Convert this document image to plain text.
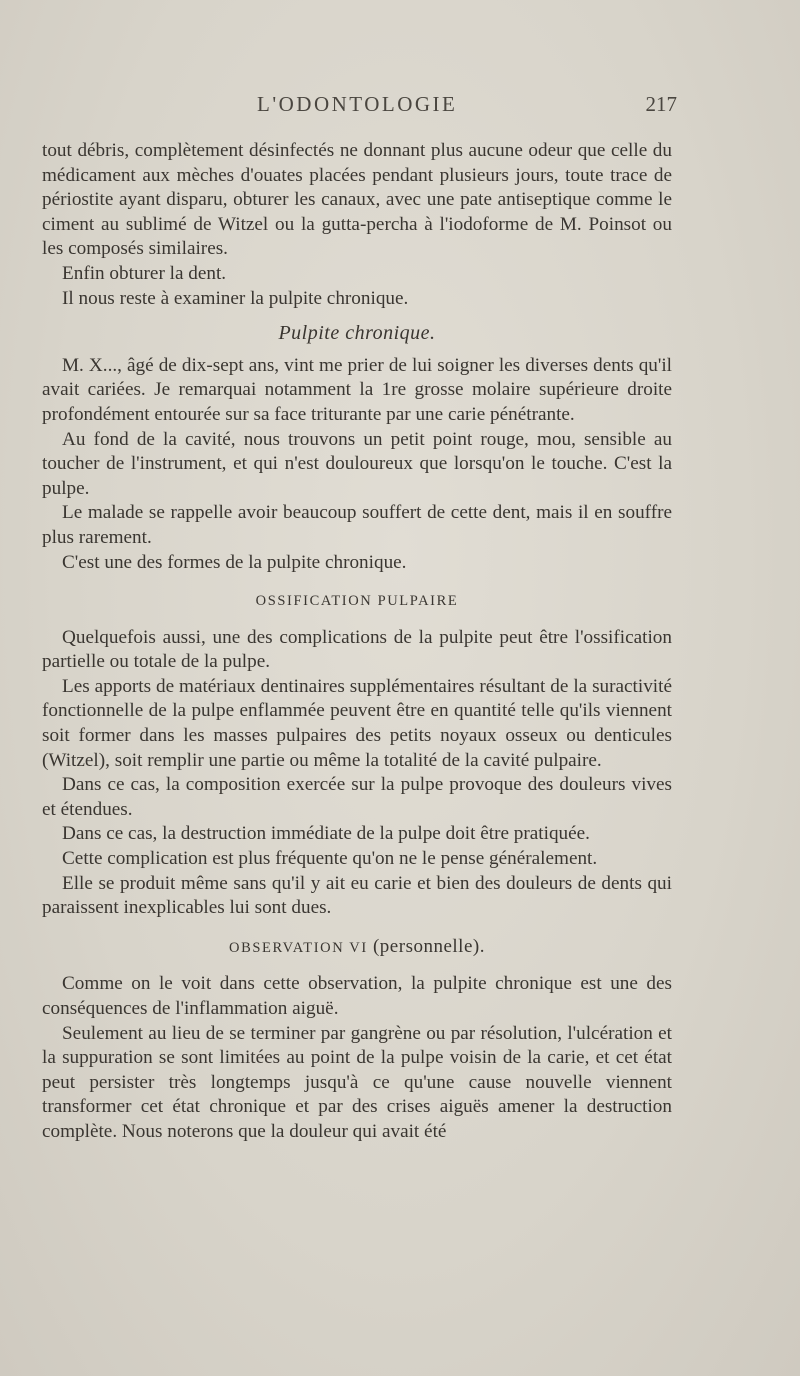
L'ODONTOLOGIE	217

tout débris, complètement désinfectés ne donnant plus aucune odeur que celle du médicament aux mèches d'ouates placées pendant plusieurs jours, toute trace de périostite ayant disparu, obturer les canaux, avec une pate antiseptique comme le ciment au sublimé de Witzel ou la gutta-percha à l'iodoforme de M. Poinsot ou les composés similaires.

Enfin obturer la dent.

Il nous reste à examiner la pulpite chronique.

Pulpite chronique.

M. X..., âgé de dix-sept ans, vint me prier de lui soigner les diverses dents qu'il avait cariées. Je remarquai notamment la 1re grosse molaire supérieure droite profondément entourée sur sa face triturante par une carie pénétrante.

Au fond de la cavité, nous trouvons un petit point rouge, mou, sensible au toucher de l'instrument, et qui n'est douloureux que lorsqu'on le touche. C'est la pulpe.

Le malade se rappelle avoir beaucoup souffert de cette dent, mais il en souffre plus rarement.

C'est une des formes de la pulpite chronique.

OSSIFICATION PULPAIRE

Quelquefois aussi, une des complications de la pulpite peut être l'ossification partielle ou totale de la pulpe.

Les apports de matériaux dentinaires supplémentaires résultant de la suractivité fonctionnelle de la pulpe enflammée peuvent être en quantité telle qu'ils viennent soit former dans les masses pulpaires des petits noyaux osseux ou denticules (Witzel), soit remplir une partie ou même la totalité de la cavité pulpaire.

Dans ce cas, la composition exercée sur la pulpe provoque des douleurs vives et étendues.

Dans ce cas, la destruction immédiate de la pulpe doit être pratiquée.

Cette complication est plus fréquente qu'on ne le pense généralement.

Elle se produit même sans qu'il y ait eu carie et bien des douleurs de dents qui paraissent inexplicables lui sont dues.

OBSERVATION VI (personnelle).

Comme on le voit dans cette observation, la pulpite chronique est une des conséquences de l'inflammation aiguë.

Seulement au lieu de se terminer par gangrène ou par résolution, l'ulcération et la suppuration se sont limitées au point de la pulpe voisin de la carie, et cet état peut persister très longtemps jusqu'à ce qu'une cause nouvelle viennent transformer cet état chronique et par des crises aiguës amener la destruction complète. Nous noterons que la douleur qui avait été
